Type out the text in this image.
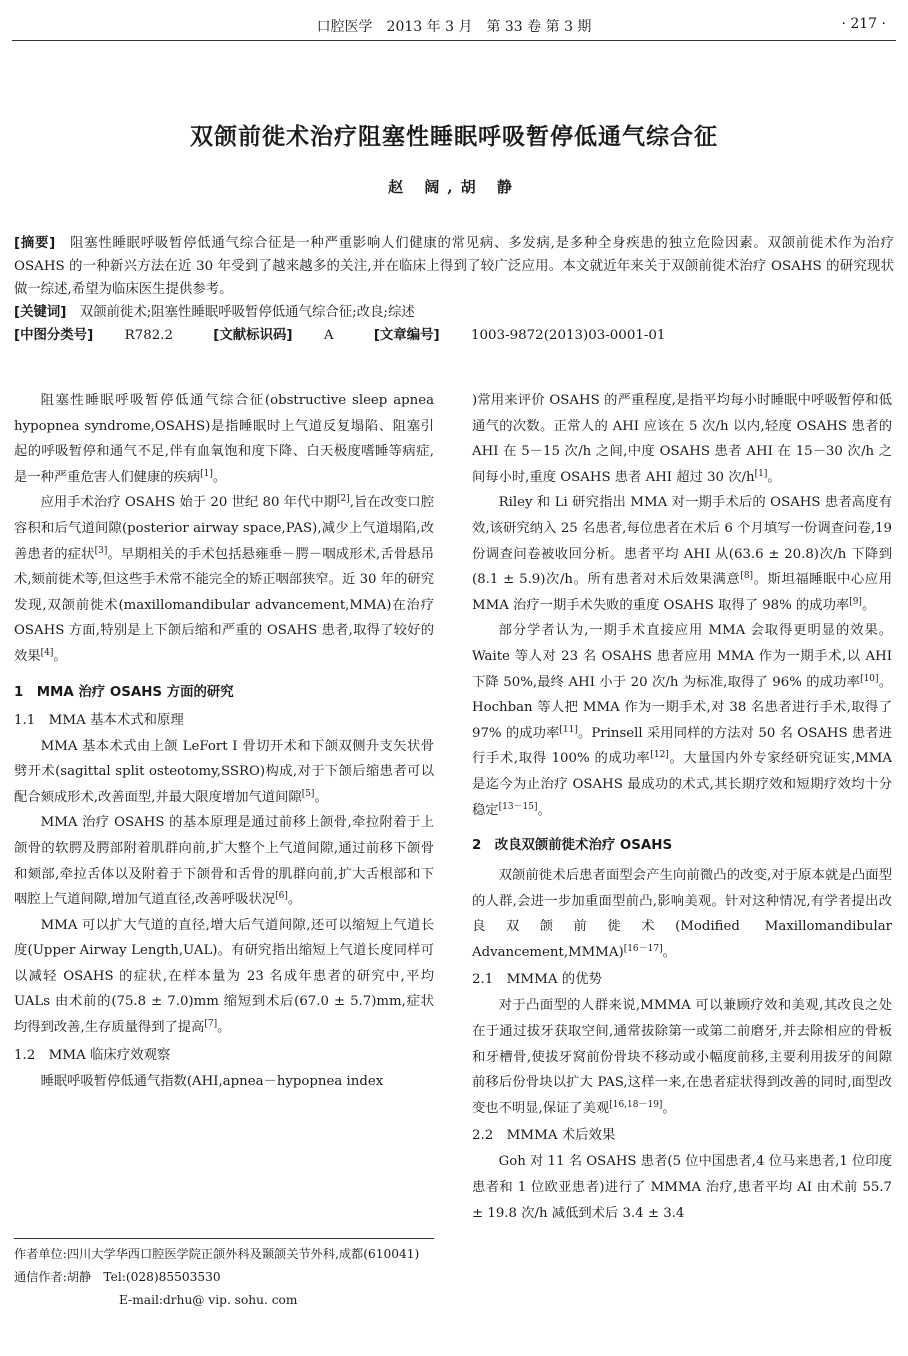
口腔医学　2013 年 3 月　第 33 卷 第 3 期	· 217 ·
双颌前徙术治疗阻塞性睡眠呼吸暂停低通气综合征
赵 阔,胡 静

[摘要]　 阻塞性睡眠呼吸暂停低通气综合征是一种严重影响人们健康的常见病、多发病,是多种全身疾患的独立危险因素。双颌前徙术作为治疗 OSAHS 的一种新兴方法在近 30 年受到了越来越多的关注,并在临床上得到了较广泛应用。本文就近年来关于双颌前徙术治疗 OSAHS 的研究现状做一综述,希望为临床医生提供参考。

[关键词]　 双颌前徙术;阻塞性睡眠呼吸暂停低通气综合征;改良;综述

[中图分类号]　 R782.2	[文献标识码]　 A	[文章编号]　 1003-9872(2013)03-0001-01

阻塞性睡眠呼吸暂停低通气综合征(obstructive sleep apnea hypopnea syndrome,OSAHS)是指睡眠时上气道反复塌陷、阻塞引起的呼吸暂停和通气不足,伴有血氧饱和度下降、白天极度嗜睡等病症,是一种严重危害人们健康的疾病[1]。

应用手术治疗 OSAHS 始于 20 世纪 80 年代中期[2],旨在改变口腔容积和后气道间隙(posterior airway space,PAS),减少上气道塌陷,改善患者的症状[3]。早期相关的手术包括悬雍垂－腭－咽成形术,舌骨悬吊术,颏前徙术等,但这些手术常不能完全的矫正咽部狭窄。近 30 年的研究发现,双颌前徙术(maxillomandibular advancement,MMA)在治疗 OSAHS 方面,特别是上下颌后缩和严重的 OSAHS 患者,取得了较好的效果[4]。

1　MMA 治疗 OSAHS 方面的研究
1.1　MMA 基本术式和原理

MMA 基本术式由上颌 LeFort Ⅰ 骨切开术和下颌双侧升支矢状骨劈开术(sagittal split osteotomy,SSRO)构成,对于下颌后缩患者可以配合颏成形术,改善面型,并最大限度增加气道间隙[5]。

MMA 治疗 OSAHS 的基本原理是通过前移上颌骨,牵拉附着于上颌骨的软腭及腭部附着肌群向前,扩大整个上气道间隙,通过前移下颌骨和颏部,牵拉舌体以及附着于下颌骨和舌骨的肌群向前,扩大舌根部和下咽腔上气道间隙,增加气道直径,改善呼吸状况[6]。

MMA 可以扩大气道的直径,增大后气道间隙,还可以缩短上气道长度(Upper Airway Length,UAL)。有研究指出缩短上气道长度同样可以减轻 OSAHS 的症状,在样本量为 23 名成年患者的研究中,平均 UALs 由术前的(75.8 ± 7.0)mm 缩短到术后(67.0 ± 5.7)mm,症状均得到改善,生存质量得到了提高[7]。

1.2　MMA 临床疗效观察

睡眠呼吸暂停低通气指数(AHI,apnea－hypopnea index

)常用来评价 OSAHS 的严重程度,是指平均每小时睡眠中呼吸暂停和低通气的次数。正常人的 AHI 应该在 5 次/h 以内,轻度 OSAHS 患者的 AHI 在 5－15 次/h 之间,中度 OSAHS 患者 AHI 在 15－30 次/h 之间每小时,重度 OSAHS 患者 AHI 超过 30 次/h[1]。

Riley 和 Li 研究指出 MMA 对一期手术后的 OSAHS 患者高度有效,该研究纳入 25 名患者,每位患者在术后 6 个月填写一份调查问卷,19 份调查问卷被收回分析。患者平均 AHI 从(63.6 ± 20.8)次/h 下降到(8.1 ± 5.9)次/h。所有患者对术后效果满意[8]。斯坦福睡眠中心应用 MMA 治疗一期手术失败的重度 OSAHS 取得了 98% 的成功率[9]。

部分学者认为,一期手术直接应用 MMA 会取得更明显的效果。Waite 等人对 23 名 OSAHS 患者应用 MMA 作为一期手术,以 AHI 下降 50%,最终 AHI 小于 20 次/h 为标准,取得了 96% 的成功率[10]。Hochban 等人把 MMA 作为一期手术,对 38 名患者进行手术,取得了 97% 的成功率[11]。Prinsell 采用同样的方法对 50 名 OSAHS 患者进行手术,取得 100% 的成功率[12]。大量国内外专家经研究证实,MMA 是迄今为止治疗 OSAHS 最成功的术式,其长期疗效和短期疗效均十分稳定[13－15]。

2　改良双颌前徙术治疗 OSAHS

双颌前徙术后患者面型会产生向前微凸的改变,对于原本就是凸面型的人群,会进一步加重面型前凸,影响美观。针对这种情况,有学者提出改良双颌前徙术(Modified Maxillomandibular Advancement,MMMA)[16－17]。

2.1　MMMA 的优势

对于凸面型的人群来说,MMMA 可以兼顾疗效和美观,其改良之处在于通过拔牙获取空间,通常拔除第一或第二前磨牙,并去除相应的骨板和牙槽骨,使拔牙窝前份骨块不移动或小幅度前移,主要利用拔牙的间隙前移后份骨块以扩大 PAS,这样一来,在患者症状得到改善的同时,面型改变也不明显,保证了美观[16,18－19]。

2.2　MMMA 术后效果

Goh 对 11 名 OSAHS 患者(5 位中国患者,4 位马来患者,1 位印度患者和 1 位欧亚患者)进行了 MMMA 治疗,患者平均 AI 由术前 55.7 ± 19.8 次/h 减低到术后 3.4 ± 3.4

作者单位:四川大学华西口腔医学院正颌外科及颞颌关节外科,成都(610041)
通信作者:胡静　Tel:(028)85503530
E-mail:drhu@ vip. sohu. com
